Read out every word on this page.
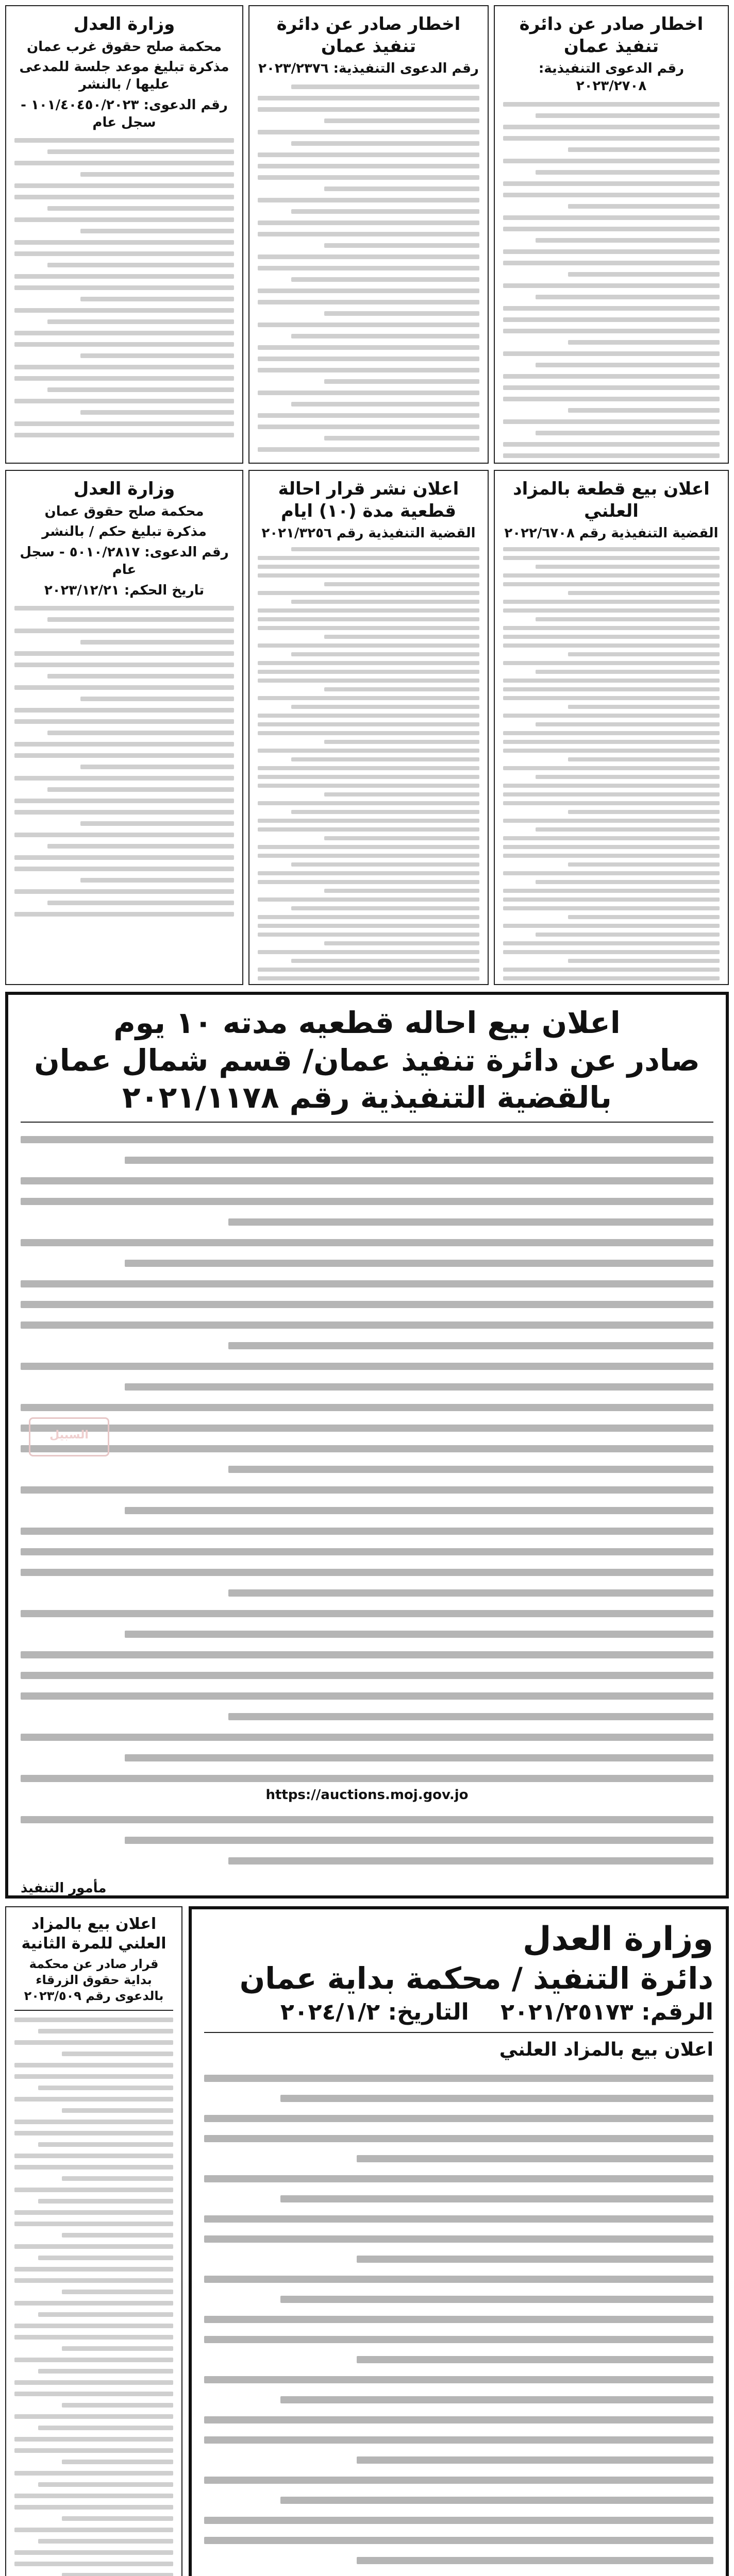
اخطار صادر عن دائرة تنفيذ عمان
رقم الدعوى التنفيذية: ٢٠٢٣/٢٧٠٨
اخطار صادر عن دائرة تنفيذ عمان
رقم الدعوى التنفيذية: ٢٠٢٣/٢٣٧٦
وزارة العدل
محكمة صلح حقوق غرب عمان
مذكرة تبليغ موعد جلسة للمدعى عليها / بالنشر
رقم الدعوى: ١٠١/٤٠٤٥٠/٢٠٢٣ - سجل عام
اعلان بيع قطعة بالمزاد العلني
القضية التنفيذية رقم ٢٠٢٢/٦٧٠٨
اعلان نشر قرار احالة قطعية مدة (١٠) ايام
القضية التنفيذية رقم ٢٠٢١/٣٢٥٦
وزارة العدل
محكمة صلح حقوق عمان
مذكرة تبليغ حكم / بالنشر
رقم الدعوى: ٥٠١٠/٢٨١٧ - سجل عام
تاريخ الحكم: ٢٠٢٣/١٢/٢١
اعلان بيع احاله قطعيه مدته ١٠ يوم
صادر عن دائرة تنفيذ عمان/ قسم شمال عمان
بالقضية التنفيذية رقم ٢٠٢١/١١٧٨
https://auctions.moj.gov.jo
مأمور التنفيذ
السبيل
وزارة العدل
دائرة التنفيذ / محكمة بداية عمان
الرقم: ٢٠٢١/٢٥١٧٣    التاريخ: ٢٠٢٤/١/٢
اعلان بيع بالمزاد العلني
اعلان بيع بالمزاد العلني للمرة الثانية
قرار صادر عن محكمة بداية حقوق الزرقاء بالدعوى رقم ٢٠٢٣/٥٠٩
